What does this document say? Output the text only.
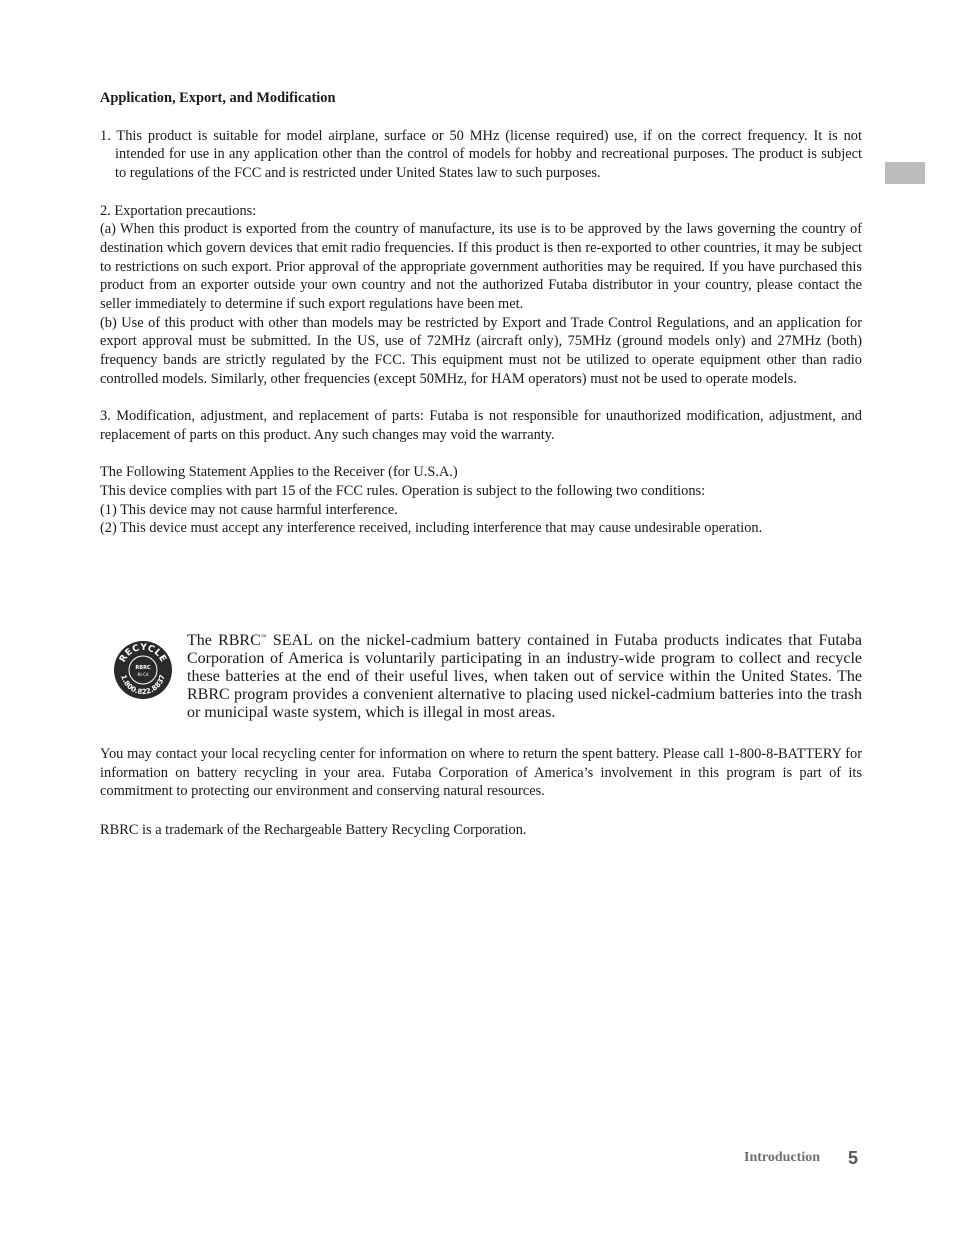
Application, Export, and Modification

1. This product is suitable for model airplane, surface or 50 MHz (license required) use, if on the correct frequency. It is not intended for use in any application other than the control of models for hobby and recreational purposes. The product is subject to regulations of the FCC and is restricted under United States law to such purposes.

2. Exportation precautions:

(a) When this product is exported from the country of manufacture, its use is to be approved by the laws governing the country of destination which govern devices that emit radio frequencies. If this product is then re-exported to other countries, it may be subject to restrictions on such export. Prior approval of the appropriate government authorities may be required. If you have purchased this product from an exporter outside your own country and not the authorized Futaba distributor in your country, please contact the seller immediately to determine if such export regulations have been met.

(b) Use of this product with other than models may be restricted by Export and Trade Control Regulations, and an application for export approval must be submitted. In the US, use of 72MHz (aircraft only), 75MHz (ground models only) and 27MHz (both) frequency bands are strictly regulated by the FCC. This equipment must not be utilized to operate equipment other than radio controlled models. Similarly, other frequencies (except 50MHz, for HAM operators) must not be used to operate models.

3. Modification, adjustment, and replacement of parts: Futaba is not responsible for unauthorized modification, adjustment, and replacement of parts on this product. Any such changes may void the warranty.

The Following Statement Applies to the Receiver (for U.S.A.)

This device complies with part 15 of the FCC rules. Operation is subject to the following two conditions:

(1) This device may not cause harmful interference.

(2) This device must accept any interference received, including interference that may cause undesirable operation.

RECYCLE
RBRC
Ni-Cd
1.800.822.8837

The RBRC™ SEAL on the nickel-cadmium battery contained in Futaba products indicates that Futaba Corporation of America is voluntarily participating in an industry-wide program to collect and recycle these batteries at the end of their useful lives, when taken out of service within the United States. The RBRC program provides a convenient alternative to placing used nickel-cadmium batteries into the trash or municipal waste system, which is illegal in most areas.

You may contact your local recycling center for information on where to return the spent battery. Please call 1-800-8-BATTERY for information on battery recycling in your area. Futaba Corporation of America’s involvement in this program is part of its commitment to protecting our environment and conserving natural resources.

RBRC is a trademark of the Rechargeable Battery Recycling Corporation.

Introduction 5
